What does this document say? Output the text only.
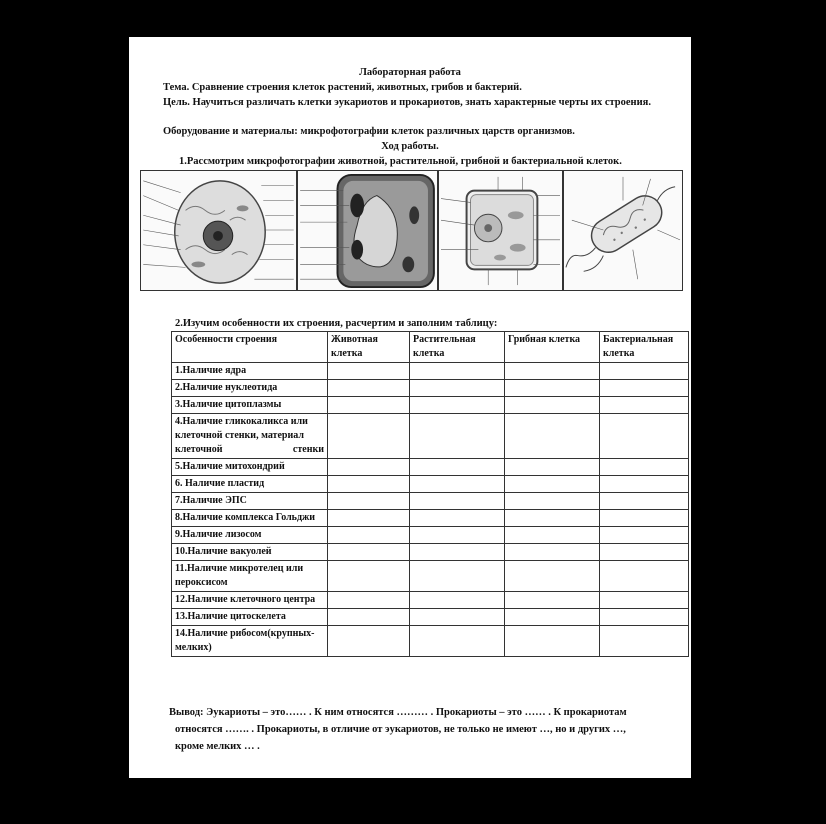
Лабораторная работа
Тема. Сравнение строения клеток растений, животных, грибов и бактерий.
Цель. Научиться различать клетки эукариотов и прокариотов, знать характерные черты их строения.
Оборудование и материалы: микрофотографии клеток различных царств организмов.
Ход работы.
1.Рассмотрим микрофотографии животной, растительной, грибной и бактериальной клеток.
2.Изучим особенности их строения, расчертим и заполним таблицу:
Особенности строения	Животная клетка	Растительная клетка	Грибная клетка	Бактериальная клетка
1.Наличие ядра				
2.Наличие нуклеотида				
3.Наличие цитоплазмы				
4.Наличие гликокаликса или клеточной стенки, материал клеточной стенки				
5.Наличие митохондрий				
6. Наличие пластид				
7.Наличие ЭПС				
8.Наличие комплекса Гольджи				
9.Наличие лизосом				
10.Наличие вакуолей				
11.Наличие микротелец или пероксисом				
12.Наличие клеточного центра				
13.Наличие цитоскелета				
14.Наличие рибосом(крупных-мелких)				
Вывод: Эукариоты – это…… . К ним относятся ……… . Прокариоты – это …… . К прокариотам
относятся ……. . Прокариоты, в отличие от эукариотов, не только не имеют …, но и других …,
кроме мелких … .
